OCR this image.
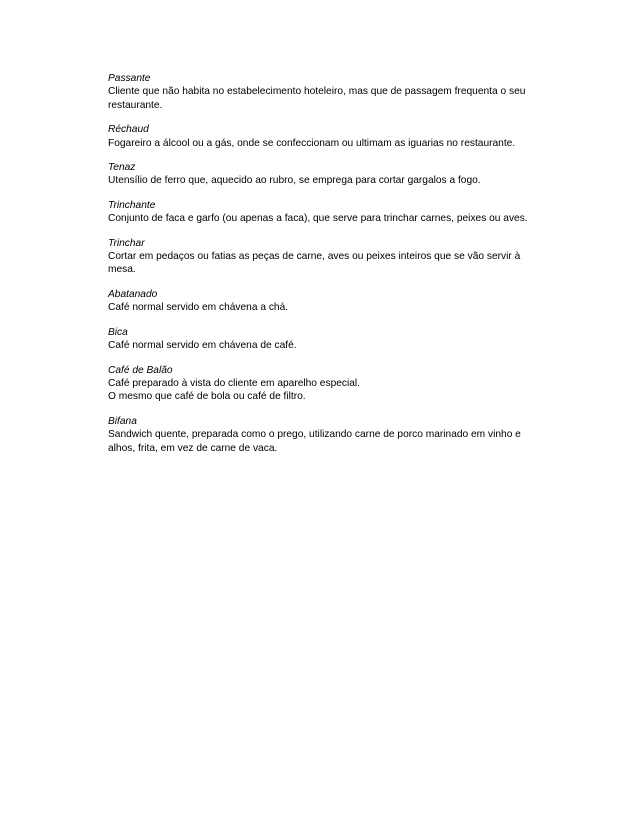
Passante
Cliente que não habita no estabelecimento hoteleiro, mas que de passagem frequenta o seu restaurante.
Réchaud
Fogareiro a álcool ou a gás, onde se confeccionam ou ultimam as iguarias no restaurante.
Tenaz
Utensílio de ferro que, aquecido ao rubro, se emprega para cortar gargalos a fogo.
Trinchante
Conjunto de faca e garfo (ou apenas a faca), que serve para trinchar carnes, peixes ou aves.
Trinchar
Cortar em pedaços ou fatias as peças de carne, aves ou peixes inteiros que se vão servir à mesa.
Abatanado
Café normal servido em chávena a chá.
Bica
Café normal servido em chávena de café.
Café de Balão
Café preparado à vista do cliente em aparelho especial.
O mesmo que café de bola ou café de filtro.
Bifana
Sandwich quente, preparada como o prego, utilizando carne de porco marinado em vinho e alhos, frita, em vez de carne de vaca.
